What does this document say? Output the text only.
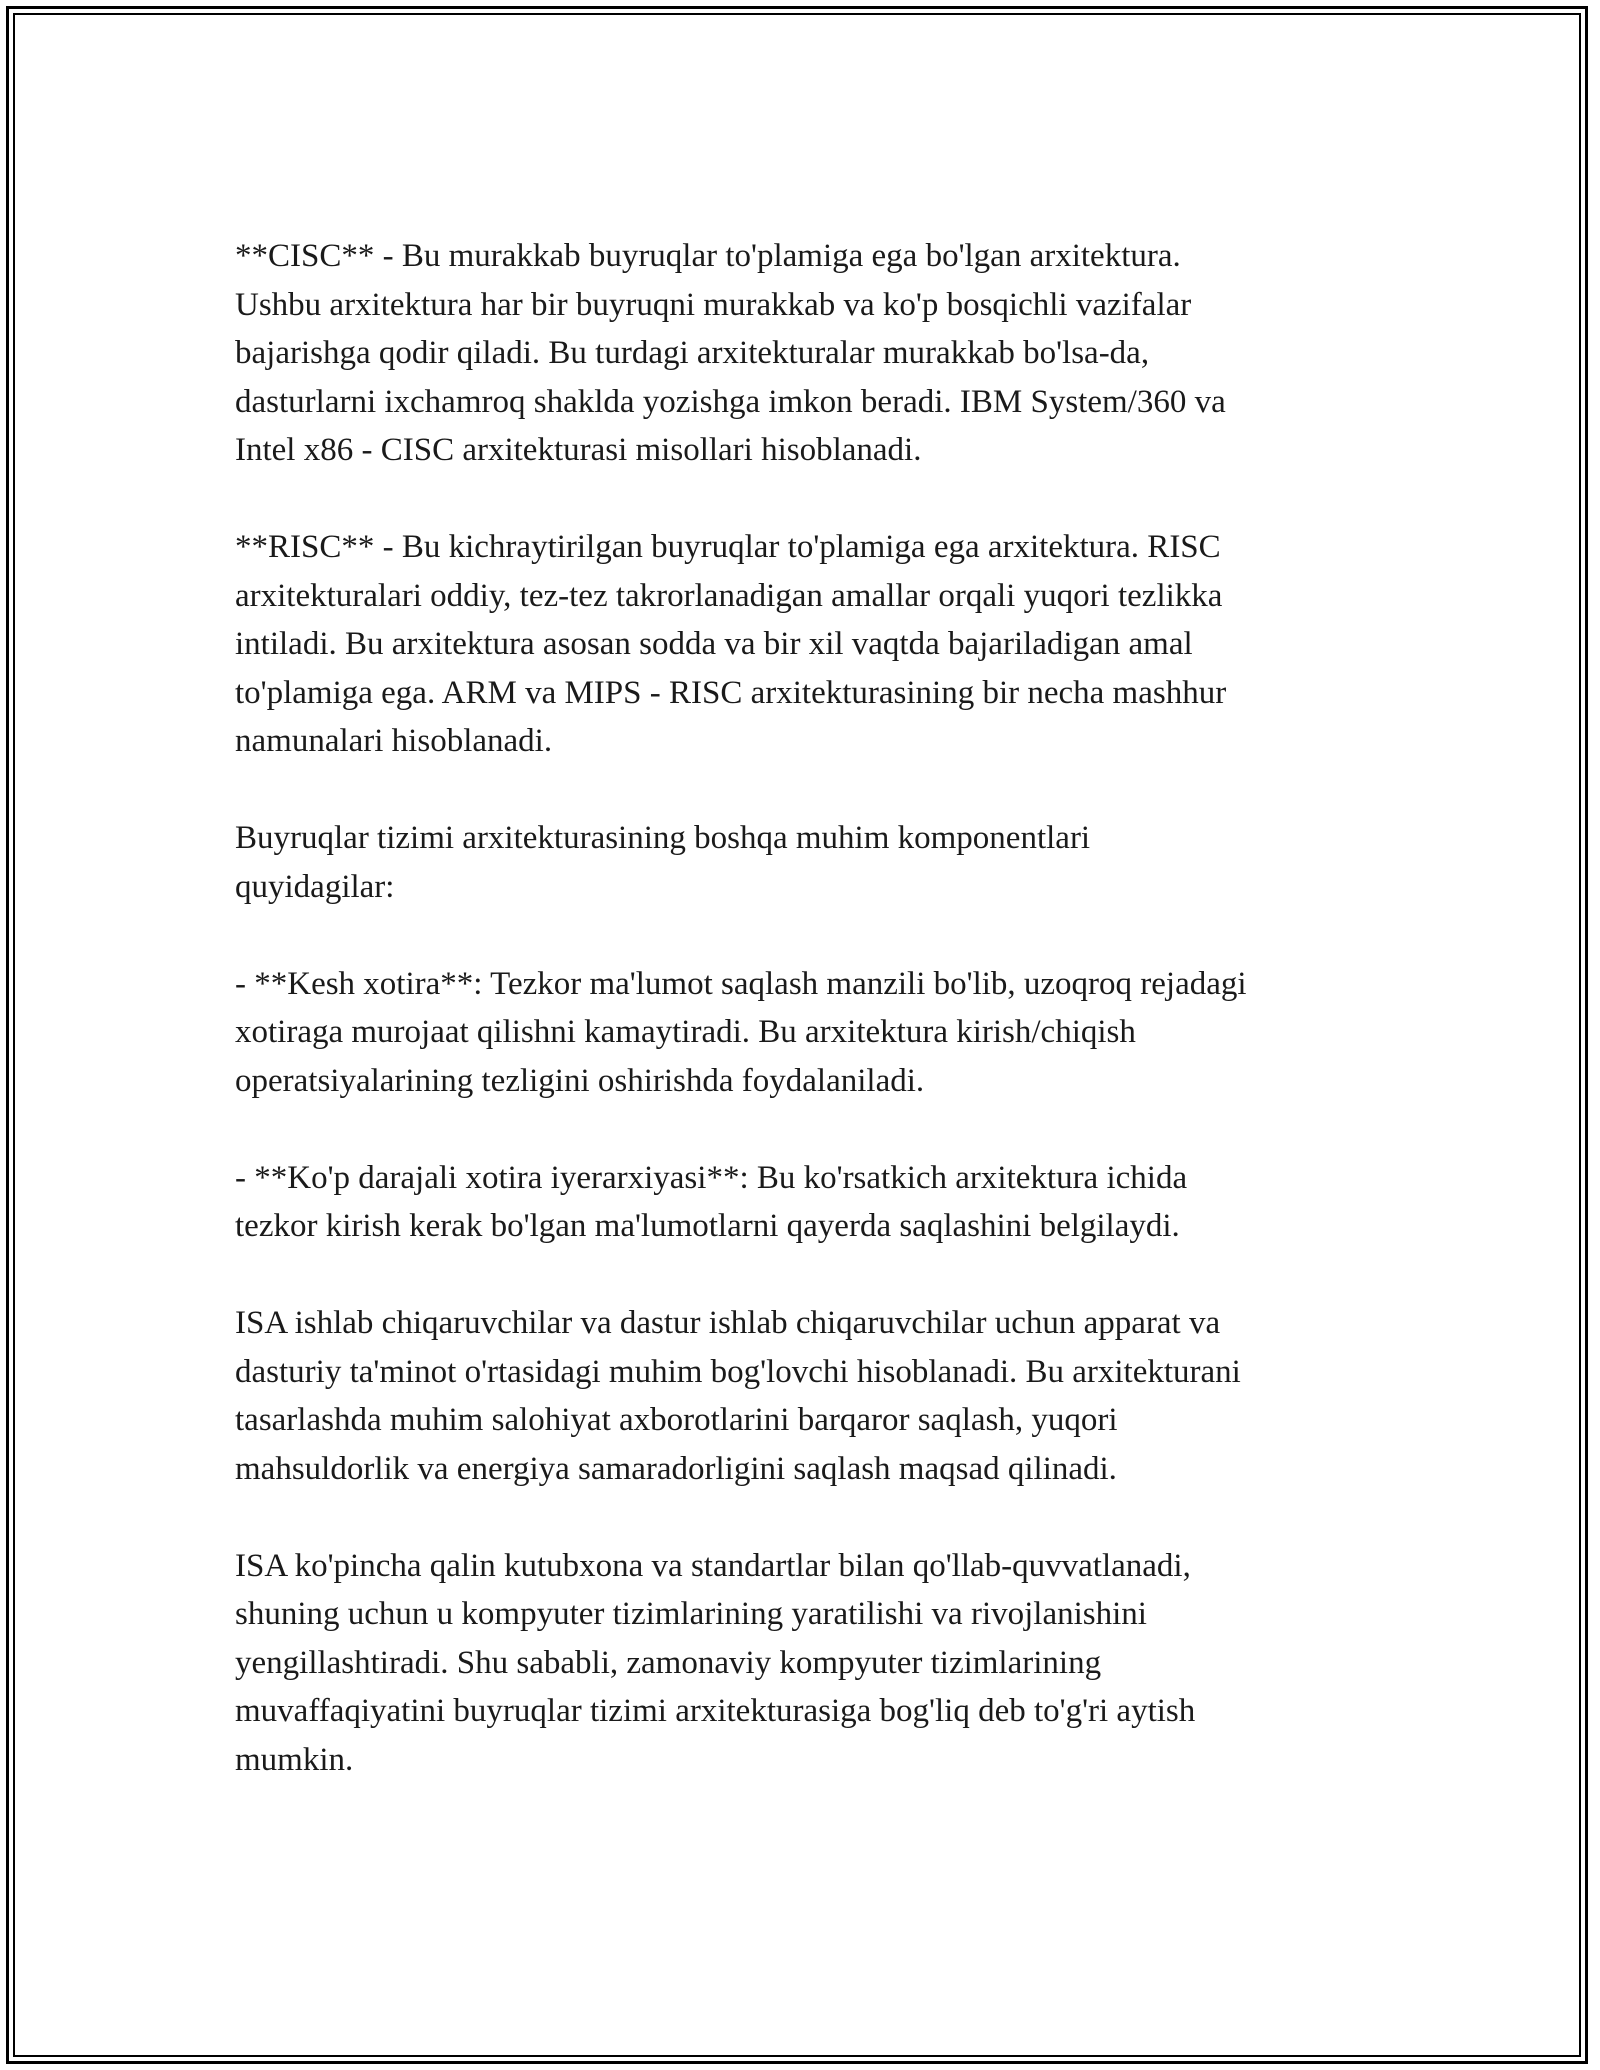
**CISC** - Bu murakkab buyruqlar to'plamiga ega bo'lgan arxitektura.
Ushbu arxitektura har bir buyruqni murakkab va ko'p bosqichli vazifalar
bajarishga qodir qiladi. Bu turdagi arxitekturalar murakkab bo'lsa-da,
dasturlarni ixchamroq shaklda yozishga imkon beradi. IBM System/360 va
Intel x86 - CISC arxitekturasi misollari hisoblanadi.

**RISC** - Bu kichraytirilgan buyruqlar to'plamiga ega arxitektura. RISC
arxitekturalari oddiy, tez-tez takrorlanadigan amallar orqali yuqori tezlikka
intiladi. Bu arxitektura asosan sodda va bir xil vaqtda bajariladigan amal
to'plamiga ega. ARM va MIPS - RISC arxitekturasining bir necha mashhur
namunalari hisoblanadi.

Buyruqlar tizimi arxitekturasining boshqa muhim komponentlari
quyidagilar:

- **Kesh xotira**: Tezkor ma'lumot saqlash manzili bo'lib, uzoqroq rejadagi
xotiraga murojaat qilishni kamaytiradi. Bu arxitektura kirish/chiqish
operatsiyalarining tezligini oshirishda foydalaniladi.

- **Ko'p darajali xotira iyerarxiyasi**: Bu ko'rsatkich arxitektura ichida
tezkor kirish kerak bo'lgan ma'lumotlarni qayerda saqlashini belgilaydi.

ISA ishlab chiqaruvchilar va dastur ishlab chiqaruvchilar uchun apparat va
dasturiy ta'minot o'rtasidagi muhim bog'lovchi hisoblanadi. Bu arxitekturani
tasarlashda muhim salohiyat axborotlarini barqaror saqlash, yuqori
mahsuldorlik va energiya samaradorligini saqlash maqsad qilinadi.

ISA ko'pincha qalin kutubxona va standartlar bilan qo'llab-quvvatlanadi,
shuning uchun u kompyuter tizimlarining yaratilishi va rivojlanishini
yengillashtiradi. Shu sababli, zamonaviy kompyuter tizimlarining
muvaffaqiyatini buyruqlar tizimi arxitekturasiga bog'liq deb to'g'ri aytish
mumkin.
